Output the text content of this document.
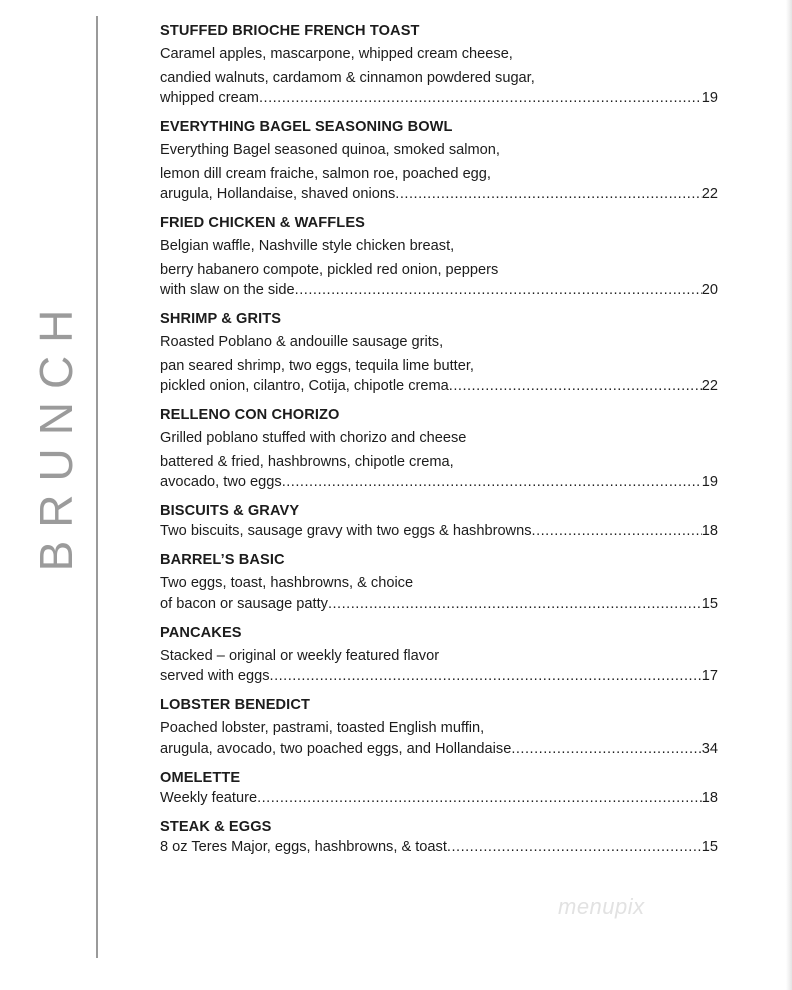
BRUNCH
STUFFED BRIOCHE FRENCH TOAST
Caramel apples, mascarpone, whipped cream cheese,
candied walnuts, cardamom & cinnamon powdered sugar,
whipped cream .....	19
EVERYTHING BAGEL SEASONING BOWL
Everything Bagel seasoned quinoa, smoked salmon,
lemon dill cream fraiche, salmon roe, poached egg,
arugula, Hollandaise, shaved onions .....	22
FRIED CHICKEN & WAFFLES
Belgian waffle, Nashville style chicken breast,
berry habanero compote, pickled red onion, peppers
with slaw on the side .....	20
SHRIMP & GRITS
Roasted Poblano & andouille sausage grits,
pan seared shrimp, two eggs, tequila lime butter,
pickled onion, cilantro, Cotija, chipotle crema .....	22
RELLENO CON CHORIZO
Grilled poblano stuffed with chorizo and cheese
battered & fried, hashbrowns, chipotle crema,
avocado, two eggs .....	19
BISCUITS & GRAVY
Two biscuits, sausage gravy with two eggs & hashbrowns .....	18
BARREL’S BASIC
Two eggs, toast, hashbrowns, & choice
of bacon or sausage patty .....	15
PANCAKES
Stacked – original or weekly featured flavor
served with eggs .....	17
LOBSTER BENEDICT
Poached lobster, pastrami, toasted English muffin,
arugula, avocado, two poached eggs, and Hollandaise .....	34
OMELETTE
Weekly feature .....	18
STEAK & EGGS
8 oz Teres Major, eggs, hashbrowns, & toast .....	15
menupix
